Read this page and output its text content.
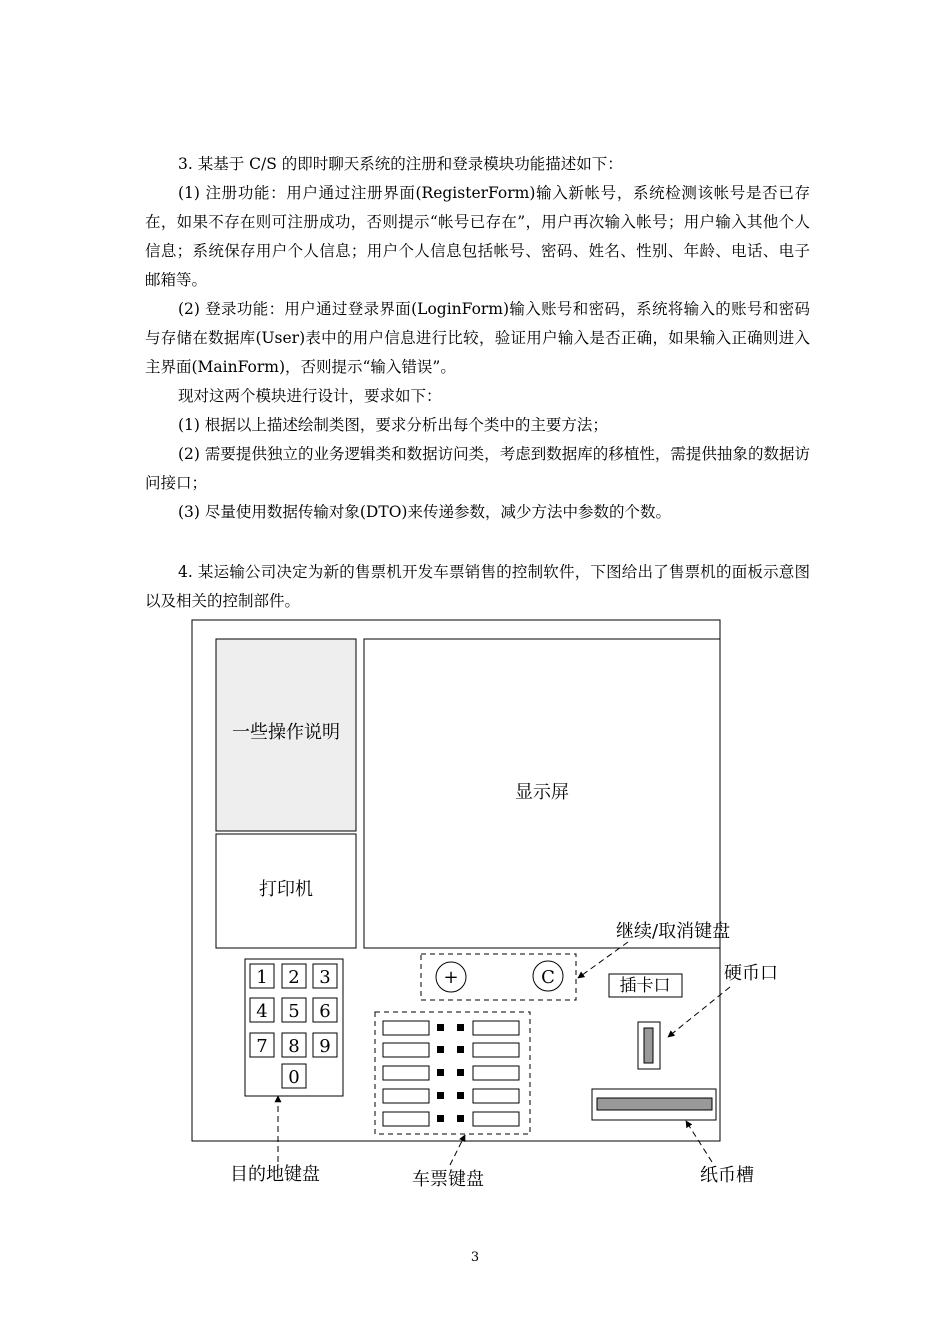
3. 某基于 C/S 的即时聊天系统的注册和登录模块功能描述如下：

(1) 注册功能：用户通过注册界面(RegisterForm)输入新帐号，系统检测该帐号是否已存在，如果不存在则可注册成功，否则提示“帐号已存在”，用户再次输入帐号；用户输入其他个人信息；系统保存用户个人信息；用户个人信息包括帐号、密码、姓名、性别、年龄、电话、电子邮箱等。

(2) 登录功能：用户通过登录界面(LoginForm)输入账号和密码，系统将输入的账号和密码与存储在数据库(User)表中的用户信息进行比较，验证用户输入是否正确，如果输入正确则进入主界面(MainForm)，否则提示“输入错误”。

现对这两个模块进行设计，要求如下：

(1) 根据以上描述绘制类图，要求分析出每个类中的主要方法；

(2) 需要提供独立的业务逻辑类和数据访问类，考虑到数据库的移植性，需提供抽象的数据访问接口；

(3) 尽量使用数据传输对象(DTO)来传递参数，减少方法中参数的个数。

4. 某运输公司决定为新的售票机开发车票销售的控制软件，下图给出了售票机的面板示意图以及相关的控制部件。

一些操作说明
显示屏
打印机
1 2 3
4 5 6
7 8 9
0
+	C	插卡口
继续/取消键盘
硬币口
目的地键盘	车票键盘	纸币槽
3
